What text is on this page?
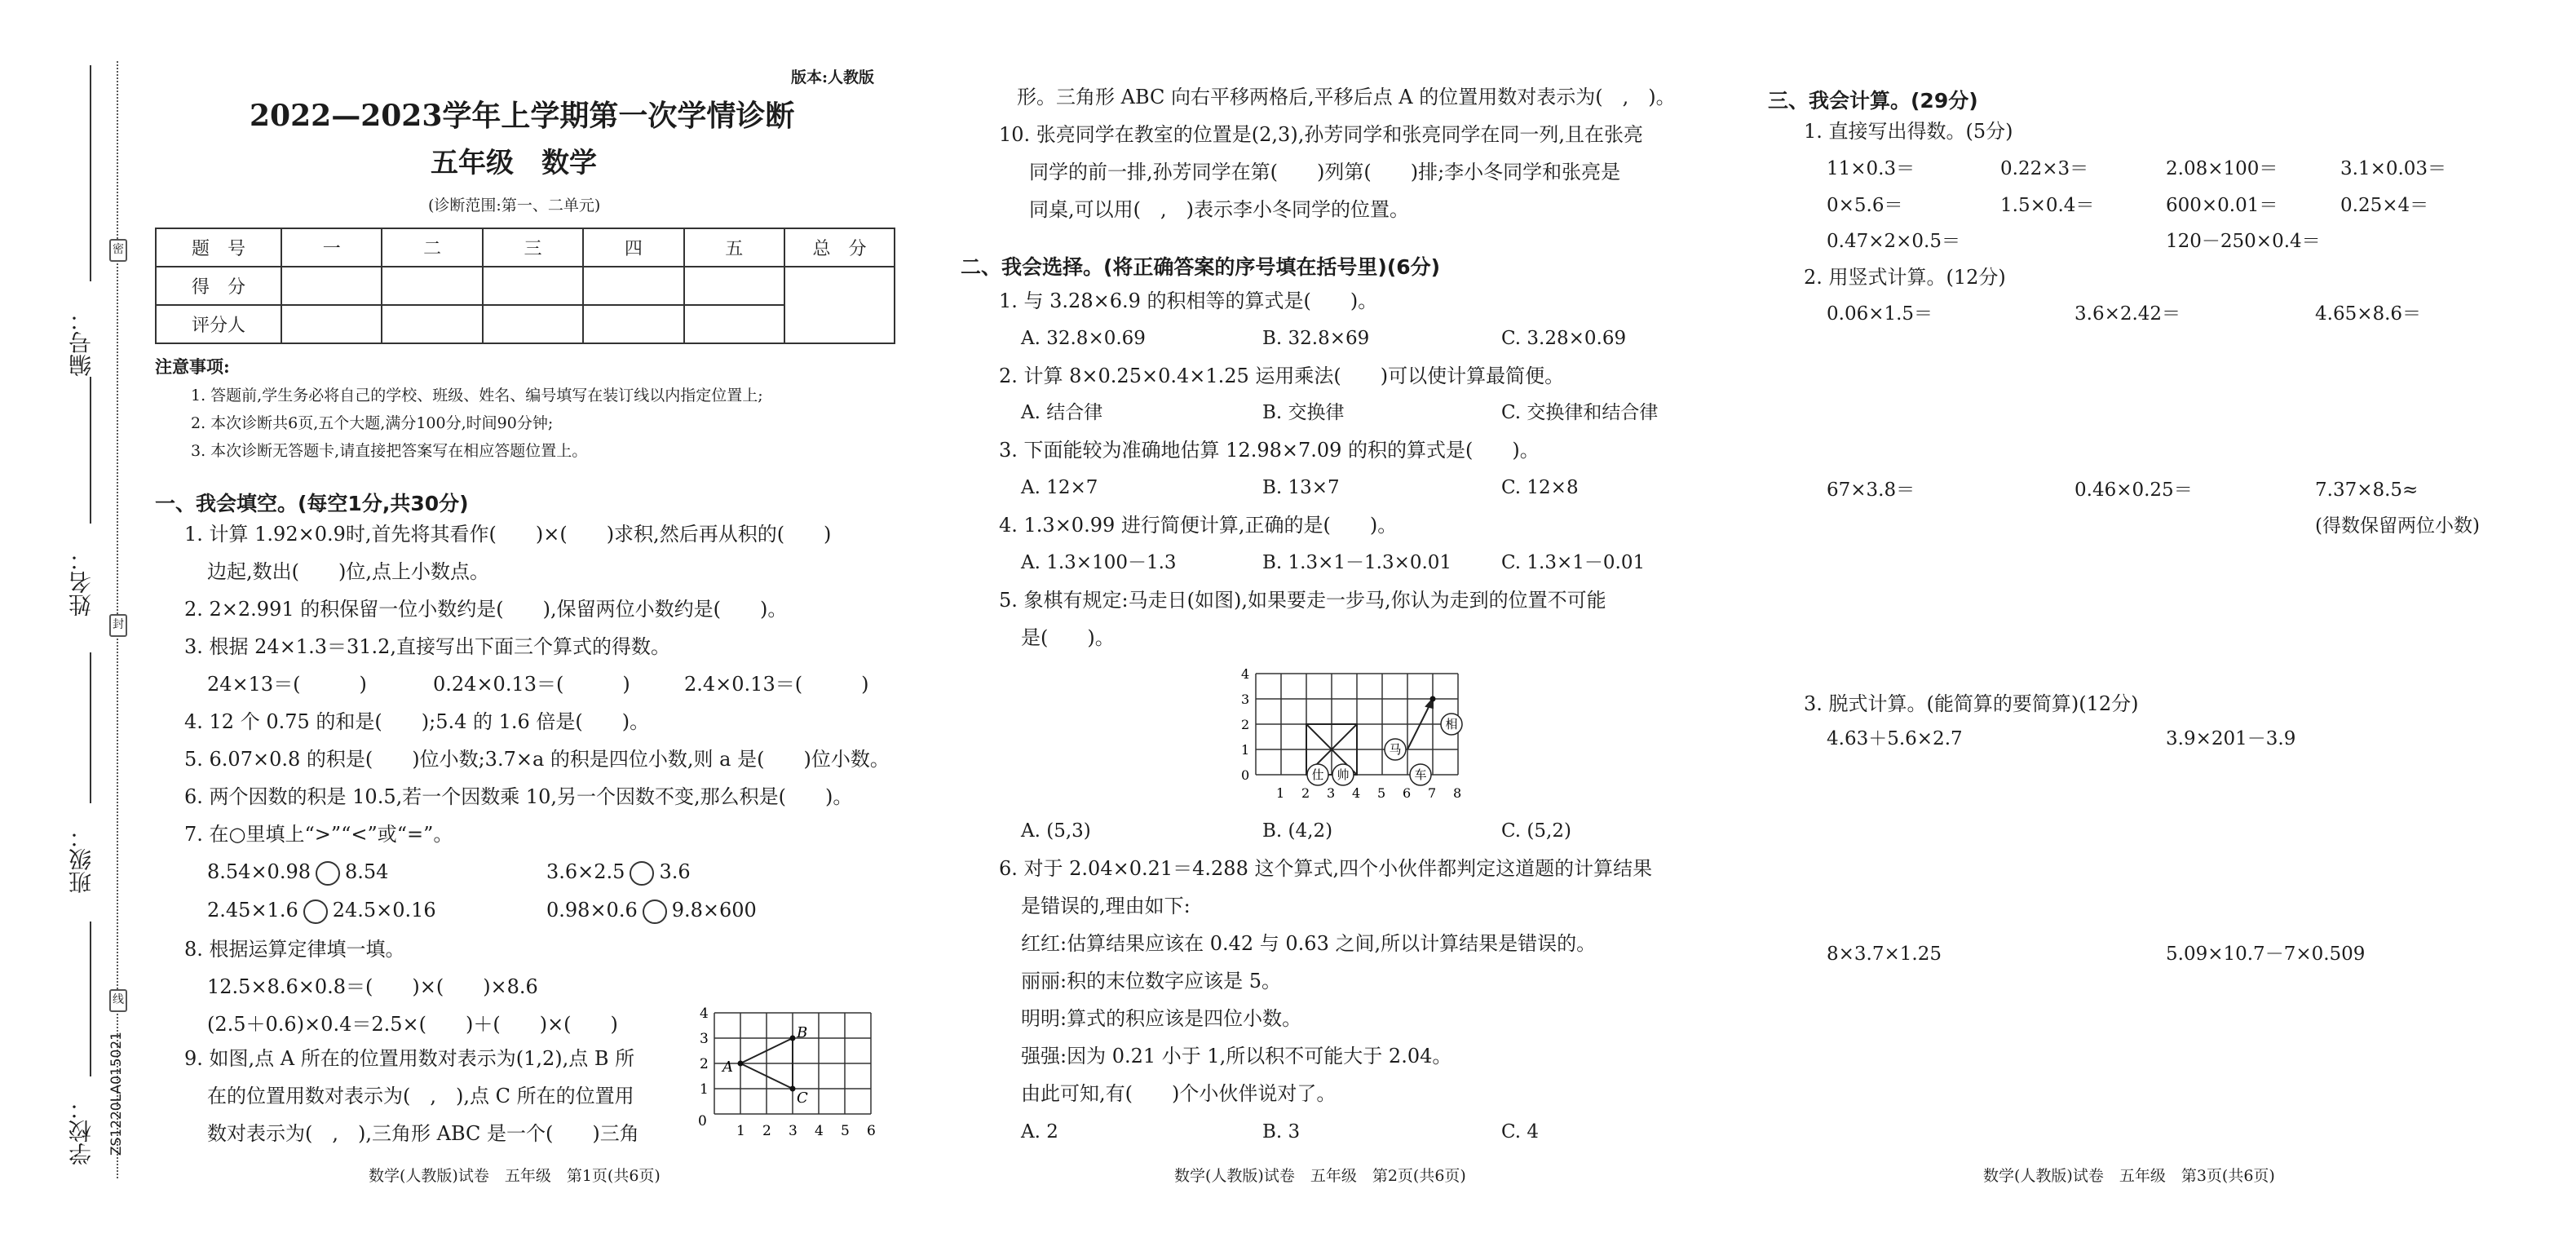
密
封
线
编号：
姓名：
班级：
学校： ZS1220LA015021
版本:人教版
2022—2023学年上学期第一次学情诊断
五年级　数学
(诊断范围:第一、二单元)
题　号	一	二	三	四	五	总　分
得　分						
评分人						
注意事项:
1. 答题前,学生务必将自己的学校、班级、姓名、编号填写在装订线以内指定位置上;
2. 本次诊断共6页,五个大题,满分100分,时间90分钟;
3. 本次诊断无答题卡,请直接把答案写在相应答题位置上。
一、我会填空。(每空1分,共30分)
1. 计算 1.92×0.9时,首先将其看作(　　)×(　　)求积,然后再从积的(　　)
边起,数出(　　)位,点上小数点。
2. 2×2.991 的积保留一位小数约是(　　),保留两位小数约是(　　)。
3. 根据 24×1.3＝31.2,直接写出下面三个算式的得数。
24×13＝(　　　)	0.24×0.13＝(　　　)	2.4×0.13＝(　　　)
4. 12 个 0.75 的和是(　　);5.4 的 1.6 倍是(　　)。
5. 6.07×0.8 的积是(　　)位小数;3.7×a 的积是四位小数,则 a 是(　　)位小数。
6. 两个因数的积是 10.5,若一个因数乘 10,另一个因数不变,那么积是(　　)。
7. 在○里填上“>”“<”或“=”。
8.54×0.98 8.54	3.6×2.5 3.6
2.45×1.6 24.5×0.16	0.98×0.6 9.8×600
8. 根据运算定律填一填。
12.5×8.6×0.8＝(　　)×(　　)×8.6
(2.5＋0.6)×0.4＝2.5×(　　)＋(　　)×(　　)
9. 如图,点 A 所在的位置用数对表示为(1,2),点 B 所
在的位置用数对表示为(　,　),点 C 所在的位置用
数对表示为(　,　),三角形 ABC 是一个(　　)三角
A
B
C
0
1 2 3 4 5 6
1
2
3
4
数学(人教版)试卷　五年级　第1页(共6页)
形。三角形 ABC 向右平移两格后,平移后点 A 的位置用数对表示为(　,　)。
10. 张亮同学在教室的位置是(2,3),孙芳同学和张亮同学在同一列,且在张亮
同学的前一排,孙芳同学在第(　　)列第(　　)排;李小冬同学和张亮是
同桌,可以用(　,　)表示李小冬同学的位置。
二、我会选择。(将正确答案的序号填在括号里)(6分)
1. 与 3.28×6.9 的积相等的算式是(　　)。
A. 32.8×0.69	B. 32.8×69	C. 3.28×0.69
2. 计算 8×0.25×0.4×1.25 运用乘法(　　)可以使计算最简便。
A. 结合律	B. 交换律	C. 交换律和结合律
3. 下面能较为准确地估算 12.98×7.09 的积的算式是(　　)。
A. 12×7	B. 13×7	C. 12×8
4. 1.3×0.99 进行简便计算,正确的是(　　)。
A. 1.3×100－1.3	B. 1.3×1－1.3×0.01	C. 1.3×1－0.01
5. 象棋有规定:马走日(如图),如果要走一步马,你认为走到的位置不可能
是(　　)。
仕 帅
马
车
相
1 2 3 4 5 6 7 8
0
1
2
3
4
A. (5,3)	B. (4,2)	C. (5,2)
6. 对于 2.04×0.21＝4.288 这个算式,四个小伙伴都判定这道题的计算结果
是错误的,理由如下:
红红:估算结果应该在 0.42 与 0.63 之间,所以计算结果是错误的。
丽丽:积的末位数字应该是 5。
明明:算式的积应该是四位小数。
强强:因为 0.21 小于 1,所以积不可能大于 2.04。
由此可知,有(　　)个小伙伴说对了。
A. 2	B. 3	C. 4
数学(人教版)试卷　五年级　第2页(共6页)
三、我会计算。(29分)
1. 直接写出得数。(5分)
11×0.3＝	0.22×3＝	2.08×100＝	3.1×0.03＝
0×5.6＝	1.5×0.4＝	600×0.01＝	0.25×4＝
0.47×2×0.5＝	120－250×0.4＝
2. 用竖式计算。(12分)
0.06×1.5＝	3.6×2.42＝	4.65×8.6＝
67×3.8＝	0.46×0.25＝	7.37×8.5≈
(得数保留两位小数)
3. 脱式计算。(能简算的要简算)(12分)
4.63＋5.6×2.7	3.9×201－3.9
8×3.7×1.25	5.09×10.7－7×0.509
数学(人教版)试卷　五年级　第3页(共6页)
